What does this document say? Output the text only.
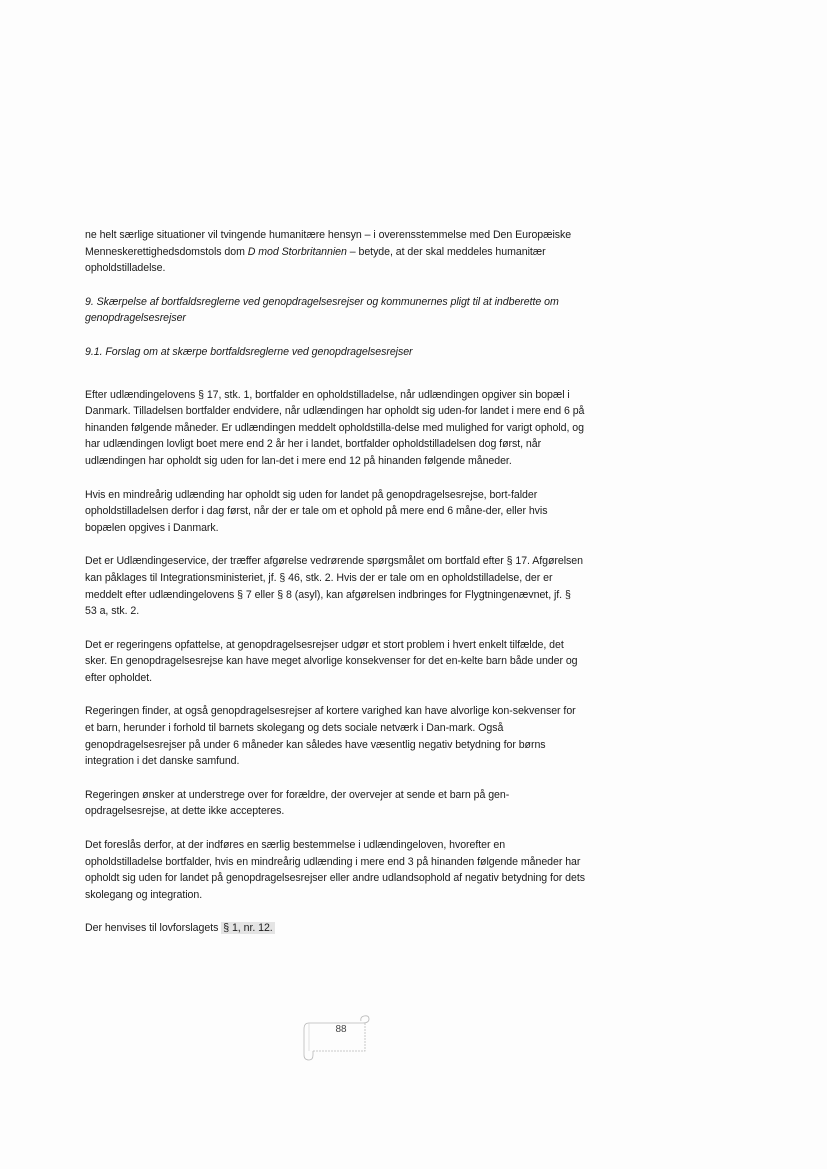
ne helt særlige situationer vil tvingende humanitære hensyn – i overensstemmelse med Den Europæiske Menneskerettighedsdomstols dom D mod Storbritannien – betyde, at der skal meddeles humanitær opholdstilladelse.

9. Skærpelse af bortfaldsreglerne ved genopdragelsesrejser og kommunernes pligt til at indberette om genopdragelsesrejser

9.1. Forslag om at skærpe bortfaldsreglerne ved genopdragelsesrejser

Efter udlændingelovens § 17, stk. 1, bortfalder en opholdstilladelse, når udlændingen opgiver sin bopæl i Danmark. Tilladelsen bortfalder endvidere, når udlændingen har opholdt sig uden-for landet i mere end 6 på hinanden følgende måneder. Er udlændingen meddelt opholdstilla-delse med mulighed for varigt ophold, og har udlændingen lovligt boet mere end 2 år her i landet, bortfalder opholdstilladelsen dog først, når udlændingen har opholdt sig uden for lan-det i mere end 12 på hinanden følgende måneder.

Hvis en mindreårig udlænding har opholdt sig uden for landet på genopdragelsesrejse, bort-falder opholdstilladelsen derfor i dag først, når der er tale om et ophold på mere end 6 måne-der, eller hvis bopælen opgives i Danmark.

Det er Udlændingeservice, der træffer afgørelse vedrørende spørgsmålet om bortfald efter § 17. Afgørelsen kan påklages til Integrationsministeriet, jf. § 46, stk. 2. Hvis der er tale om en opholdstilladelse, der er meddelt efter udlændingelovens § 7 eller § 8 (asyl), kan afgørelsen indbringes for Flygtningenævnet, jf. § 53 a, stk. 2.

Det er regeringens opfattelse, at genopdragelsesrejser udgør et stort problem i hvert enkelt tilfælde, det sker. En genopdragelsesrejse kan have meget alvorlige konsekvenser for det en-kelte barn både under og efter opholdet.

Regeringen finder, at også genopdragelsesrejser af kortere varighed kan have alvorlige kon-sekvenser for et barn, herunder i forhold til barnets skolegang og dets sociale netværk i Dan-mark. Også genopdragelsesrejser på under 6 måneder kan således have væsentlig negativ betydning for børns integration i det danske samfund.

Regeringen ønsker at understrege over for forældre, der overvejer at sende et barn på gen-opdragelsesrejse, at dette ikke accepteres.

Det foreslås derfor, at der indføres en særlig bestemmelse i udlændingeloven, hvorefter en opholdstilladelse bortfalder, hvis en mindreårig udlænding i mere end 3 på hinanden følgende måneder har opholdt sig uden for landet på genopdragelsesrejser eller andre udlandsophold af negativ betydning for dets skolegang og integration.

Der henvises til lovforslagets § 1, nr. 12.

88
